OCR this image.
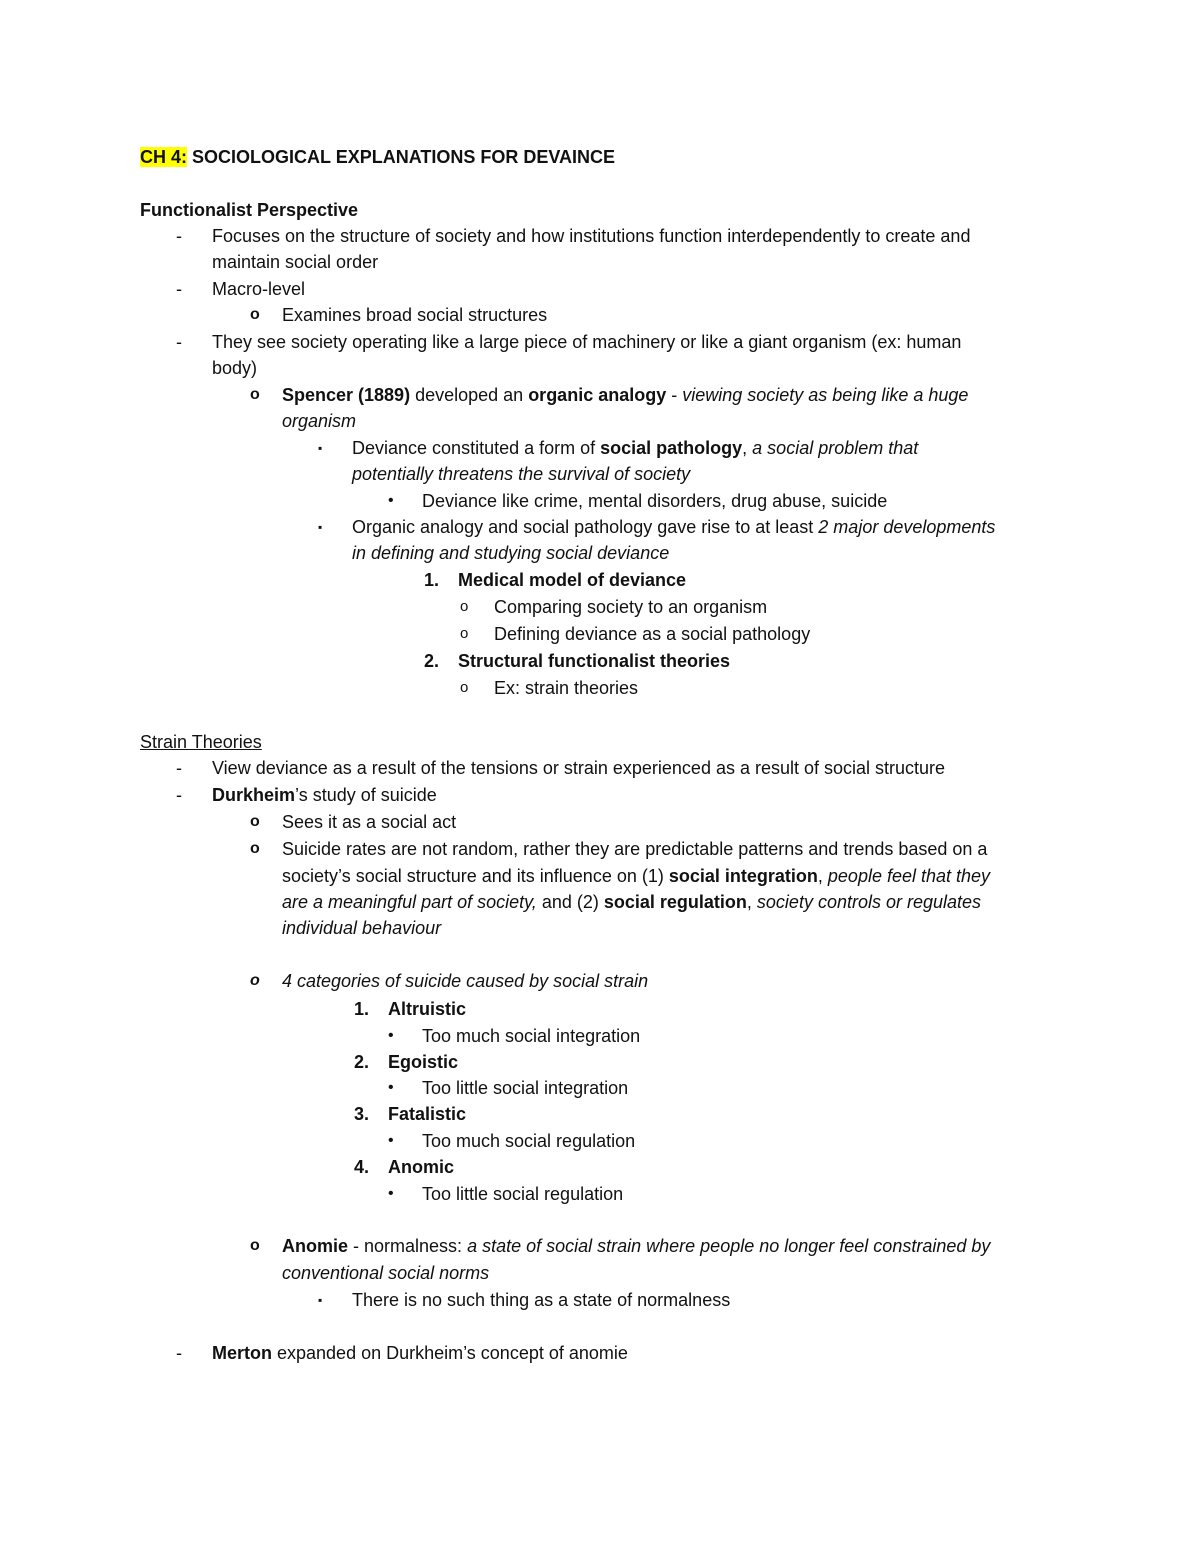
CH 4: SOCIOLOGICAL EXPLANATIONS FOR DEVAINCE
Functionalist Perspective
- Focuses on the structure of society and how institutions function interdependently to create and
maintain social order
- Macro-level
o Examines broad social structures
- They see society operating like a large piece of machinery or like a giant organism (ex: human
body)
o Spencer (1889) developed an organic analogy - viewing society as being like a huge
organism
▪ Deviance constituted a form of social pathology, a social problem that
potentially threatens the survival of society
• Deviance like crime, mental disorders, drug abuse, suicide
▪ Organic analogy and social pathology gave rise to at least 2 major developments
in defining and studying social deviance
1. Medical model of deviance
o Comparing society to an organism
o Defining deviance as a social pathology
2. Structural functionalist theories
o Ex: strain theories
Strain Theories
- View deviance as a result of the tensions or strain experienced as a result of social structure
- Durkheim’s study of suicide
o Sees it as a social act
o Suicide rates are not random, rather they are predictable patterns and trends based on a
society’s social structure and its influence on (1) social integration, people feel that they
are a meaningful part of society, and (2) social regulation, society controls or regulates
individual behaviour
o 4 categories of suicide caused by social strain
1. Altruistic
• Too much social integration
2. Egoistic
• Too little social integration
3. Fatalistic
• Too much social regulation
4. Anomic
• Too little social regulation
o Anomie - normalness: a state of social strain where people no longer feel constrained by
conventional social norms
▪ There is no such thing as a state of normalness
- Merton expanded on Durkheim’s concept of anomie
